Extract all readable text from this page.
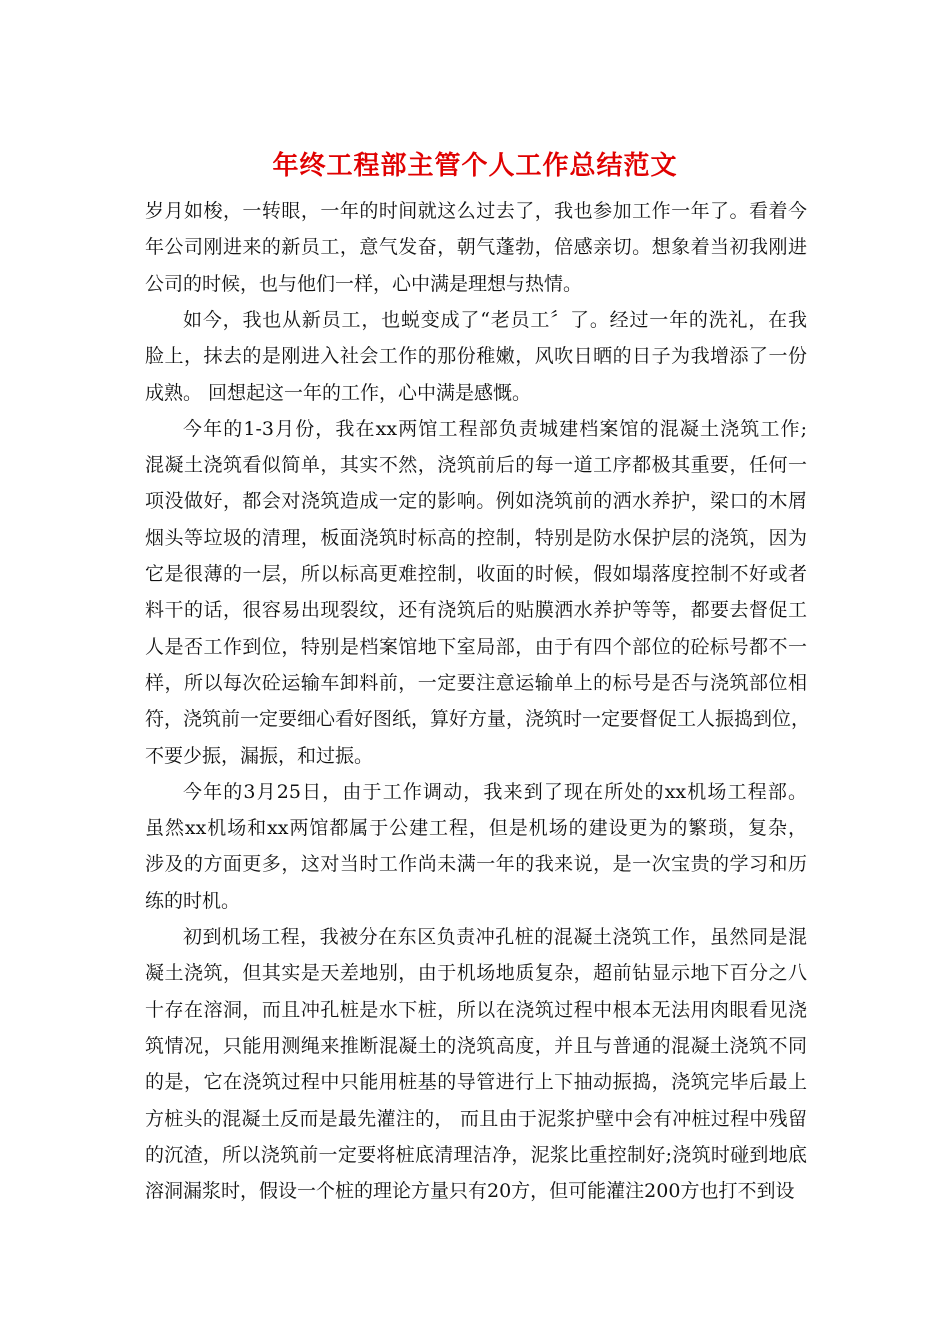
年终工程部主管个人工作总结范文
岁月如梭，一转眼，一年的时间就这么过去了，我也参加工作一年了。看着今
年公司刚进来的新员工，意气发奋，朝气蓬勃，倍感亲切。想象着当初我刚进
公司的时候，也与他们一样，心中满是理想与热情。
如今，我也从新员工，也蜕变成了“老员工〞了。经过一年的洗礼，在我
脸上，抹去的是刚进入社会工作的那份稚嫩，风吹日晒的日子为我增添了一份
成熟。 回想起这一年的工作，心中满是感慨。
今年的1-3月份，我在xx两馆工程部负责城建档案馆的混凝土浇筑工作;
混凝土浇筑看似简单，其实不然，浇筑前后的每一道工序都极其重要，任何一
项没做好，都会对浇筑造成一定的影响。例如浇筑前的洒水养护，梁口的木屑
烟头等垃圾的清理，板面浇筑时标高的控制，特别是防水保护层的浇筑，因为
它是很薄的一层，所以标高更难控制，收面的时候，假如塌落度控制不好或者
料干的话，很容易出现裂纹，还有浇筑后的贴膜洒水养护等等，都要去督促工
人是否工作到位，特别是档案馆地下室局部，由于有四个部位的砼标号都不一
样，所以每次砼运输车卸料前，一定要注意运输单上的标号是否与浇筑部位相
符，浇筑前一定要细心看好图纸，算好方量，浇筑时一定要督促工人振捣到位，
不要少振，漏振，和过振。
今年的3月25日，由于工作调动，我来到了现在所处的xx机场工程部。
虽然xx机场和xx两馆都属于公建工程，但是机场的建设更为的繁琐，复杂，
涉及的方面更多，这对当时工作尚未满一年的我来说，是一次宝贵的学习和历
练的时机。
初到机场工程，我被分在东区负责冲孔桩的混凝土浇筑工作，虽然同是混
凝土浇筑，但其实是天差地别，由于机场地质复杂，超前钻显示地下百分之八
十存在溶洞，而且冲孔桩是水下桩，所以在浇筑过程中根本无法用肉眼看见浇
筑情况，只能用测绳来推断混凝土的浇筑高度，并且与普通的混凝土浇筑不同
的是，它在浇筑过程中只能用桩基的导管进行上下抽动振捣，浇筑完毕后最上
方桩头的混凝土反而是最先灌注的， 而且由于泥浆护壁中会有冲桩过程中残留
的沉渣，所以浇筑前一定要将桩底清理洁净，泥浆比重控制好;浇筑时碰到地底
溶洞漏浆时，假设一个桩的理论方量只有20方，但可能灌注200方也打不到设
